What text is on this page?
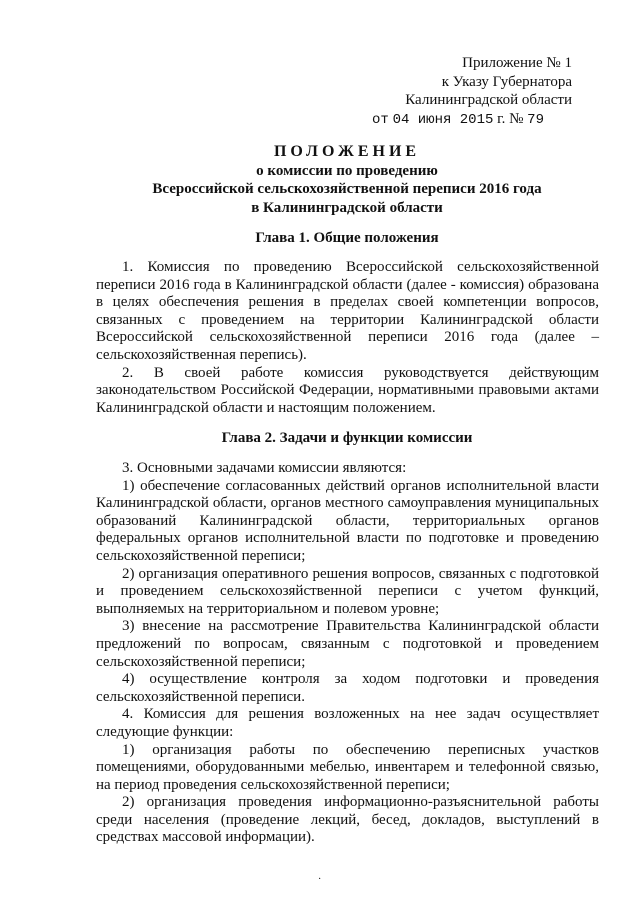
Приложение № 1
к Указу Губернатора
Калининградской области
от 04 июня 2015 г. № 79
ПОЛОЖЕНИЕ
о комиссии по проведению
Всероссийской сельскохозяйственной переписи 2016 года
в Калининградской области
Глава 1. Общие положения

1. Комиссия по проведению Всероссийской сельскохозяйственной переписи 2016 года в Калининградской области (далее - комиссия) образована в целях обеспечения решения в пределах своей компетенции вопросов, связанных с проведением на территории Калининградской области Всероссийской сельскохозяйственной переписи 2016 года (далее – сельскохозяйственная перепись).

2. В своей работе комиссия руководствуется действующим законодательством Российской Федерации, нормативными правовыми актами Калининградской области и настоящим положением.

Глава 2. Задачи и функции комиссии

3. Основными задачами комиссии являются:

1) обеспечение согласованных действий органов исполнительной власти Калининградской области, органов местного самоуправления муниципальных образований Калининградской области, территориальных органов федеральных органов исполнительной власти по подготовке и проведению сельскохозяйственной переписи;

2) организация оперативного решения вопросов, связанных с подготовкой и проведением сельскохозяйственной переписи с учетом функций, выполняемых на территориальном и полевом уровне;

3) внесение на рассмотрение Правительства Калининградской области предложений по вопросам, связанным с подготовкой и проведением сельскохозяйственной переписи;

4) осуществление контроля за ходом подготовки и проведения сельскохозяйственной переписи.

4. Комиссия для решения возложенных на нее задач осуществляет следующие функции:

1) организация работы по обеспечению переписных участков помещениями, оборудованными мебелью, инвентарем и телефонной связью, на период проведения сельскохозяйственной переписи;

2) организация проведения информационно-разъяснительной работы среди населения (проведение лекций, бесед, докладов, выступлений в средствах массовой информации).

·
